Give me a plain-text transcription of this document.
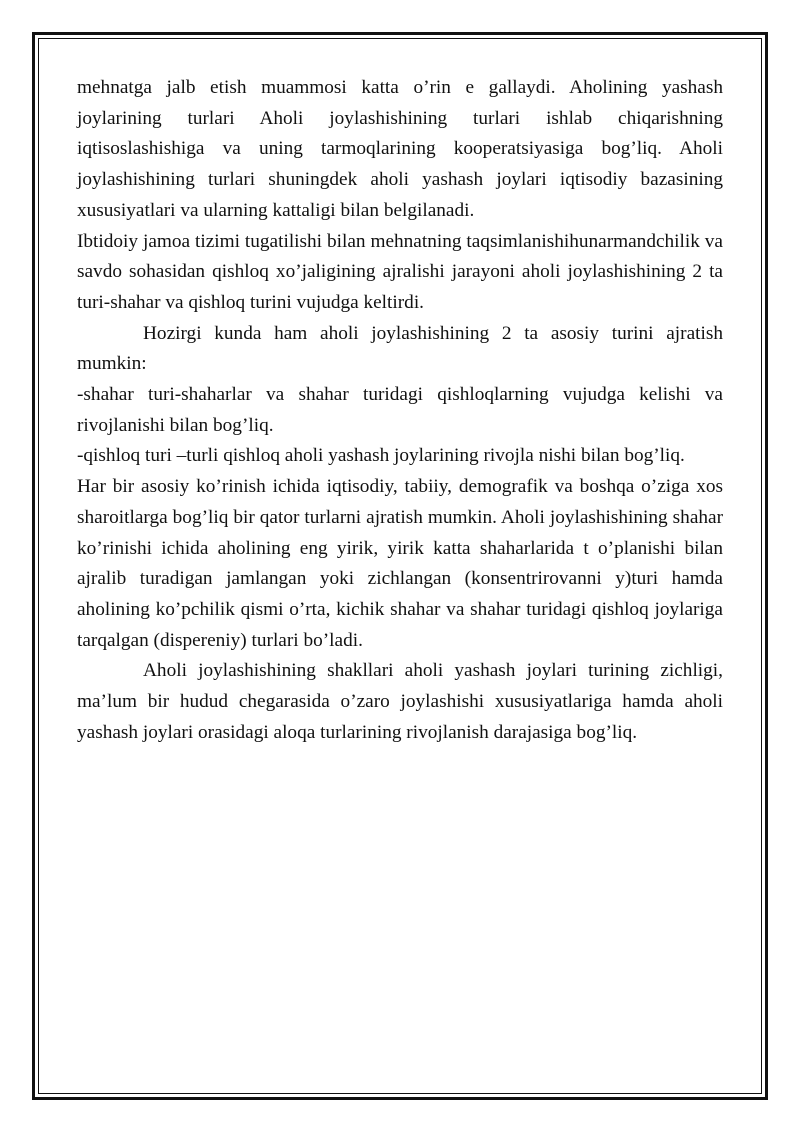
mehnatga jalb etish muammosi katta o’rin e gallaydi. Aholining yashash joylarining turlari Aholi joylashishining turlari ishlab chiqarishning iqtisoslashishiga va uning tarmoqlarining kooperatsiyasiga bog’liq. Aholi joylashishining turlari shuningdek aholi yashash joylari iqtisodiy bazasining xususiyatlari va ularning kattaligi bilan belgilanadi.

Ibtidoiy jamoa tizimi tugatilishi bilan mehnatning taqsimlanishihunarmandchilik va savdo sohasidan qishloq xo’jaligining ajralishi jarayoni aholi joylashishining 2 ta turi-shahar va qishloq turini vujudga keltirdi.

Hozirgi kunda ham aholi joylashishining 2 ta asosiy turini ajratish mumkin:

-shahar turi-shaharlar va shahar turidagi qishloqlarning vujudga kelishi va rivojlanishi bilan bog’liq.

-qishloq turi –turli qishloq aholi yashash joylarining rivojla nishi bilan bog’liq.

Har bir asosiy ko’rinish ichida iqtisodiy, tabiiy, demografik va boshqa o’ziga xos sharoitlarga bog’liq bir qator turlarni ajratish mumkin. Aholi joylashishining shahar ko’rinishi ichida aholining eng yirik, yirik katta shaharlarida t o’planishi bilan ajralib turadigan jamlangan yoki zichlangan (konsentrirovanni y)turi hamda aholining ko’pchilik qismi o’rta, kichik shahar va shahar turidagi qishloq joylariga tarqalgan (dispereniy) turlari bo’ladi.

Aholi joylashishining shakllari aholi yashash joylari turining zichligi, ma’lum bir hudud chegarasida o’zaro joylashishi xususiyatlariga hamda aholi yashash joylari orasidagi aloqa turlarining rivojlanish darajasiga bog’liq.
